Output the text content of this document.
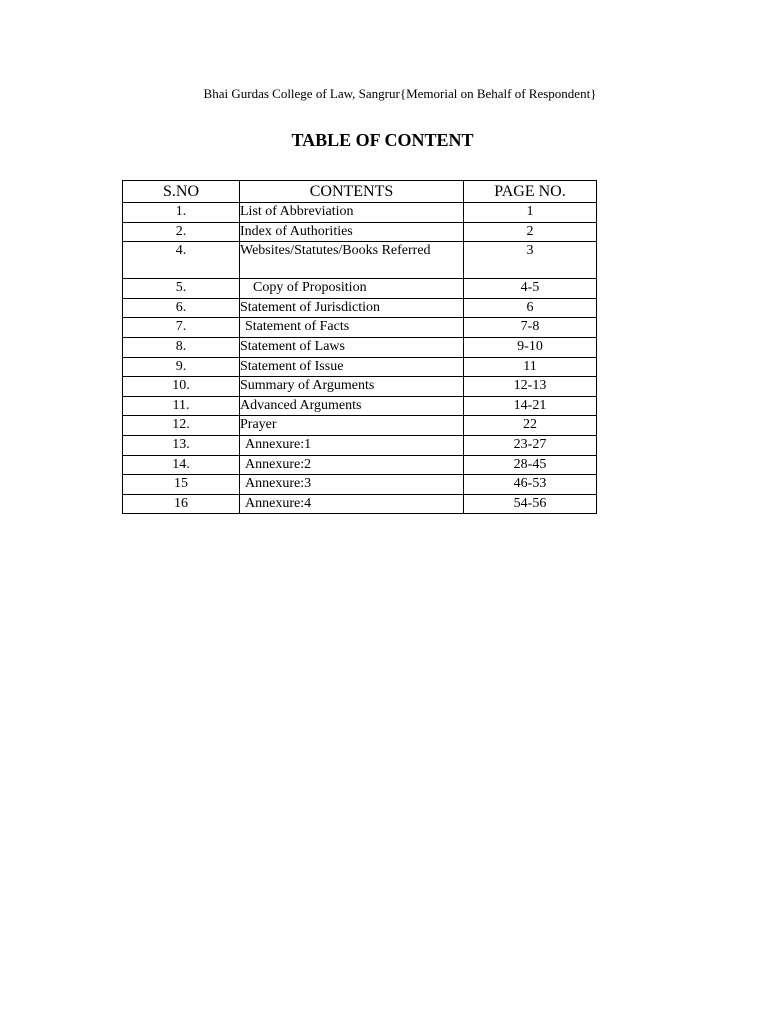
Bhai Gurdas College of Law, Sangrur{Memorial on Behalf of Respondent}
TABLE OF CONTENT
S.NO	CONTENTS	PAGE NO.
1.	List of Abbreviation	1
2.	Index of Authorities	2
4.	Websites/Statutes/Books Referred	3
5.	Copy of Proposition	4-5
6.	Statement of Jurisdiction	6
7.	Statement of Facts	7-8
8.	Statement of Laws	9-10
9.	Statement of Issue	11
10.	Summary of Arguments	12-13
11.	Advanced Arguments	14-21
12.	Prayer	22
13.	Annexure:1	23-27
14.	Annexure:2	28-45
15	Annexure:3	46-53
16	Annexure:4	54-56
